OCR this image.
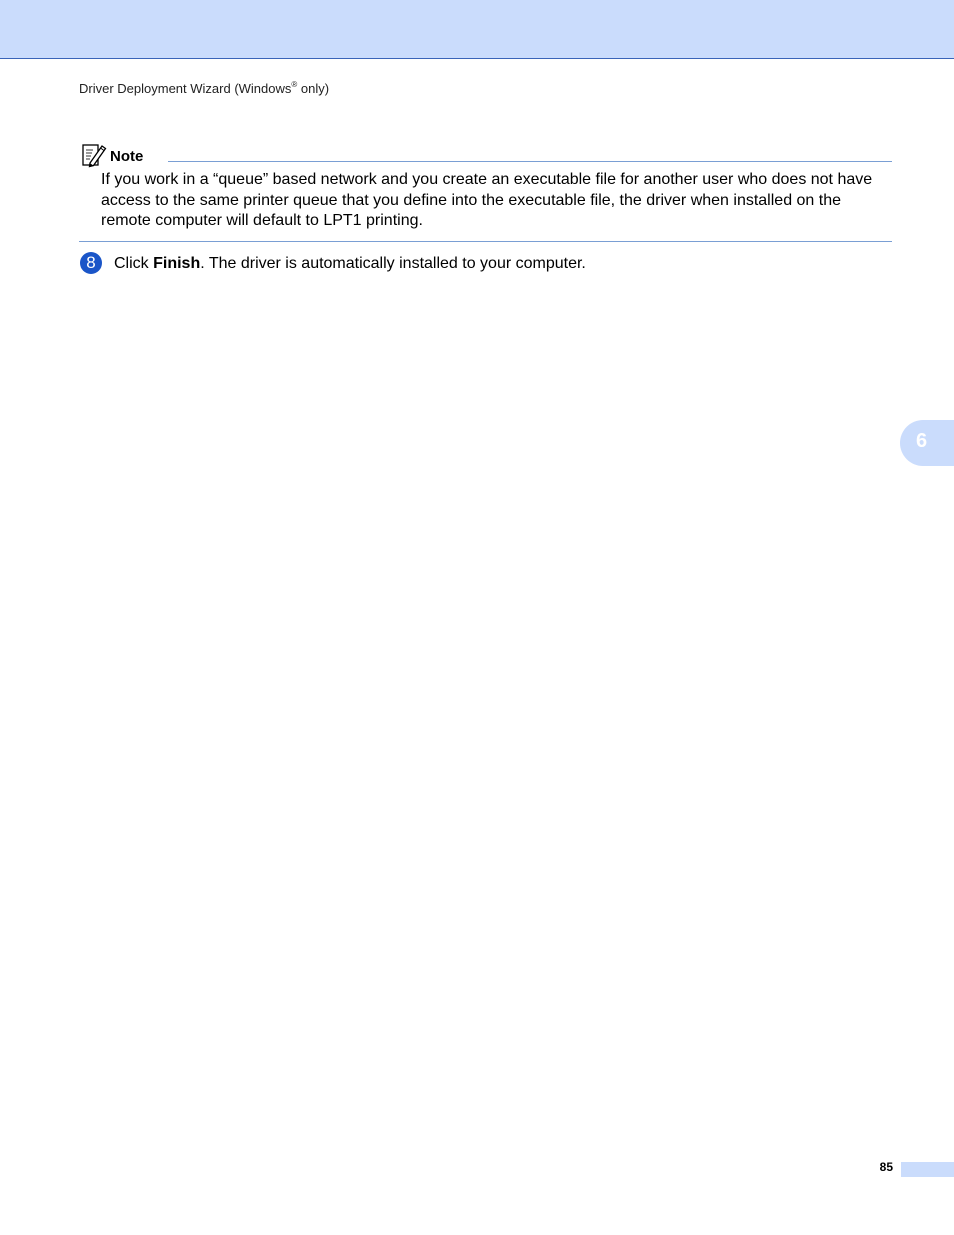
Driver Deployment Wizard (Windows® only)
Note
If you work in a “queue” based network and you create an executable file for another user who does not have access to the same printer queue that you define into the executable file, the driver when installed on the remote computer will default to LPT1 printing.
8	Click Finish. The driver is automatically installed to your computer.
6
85
